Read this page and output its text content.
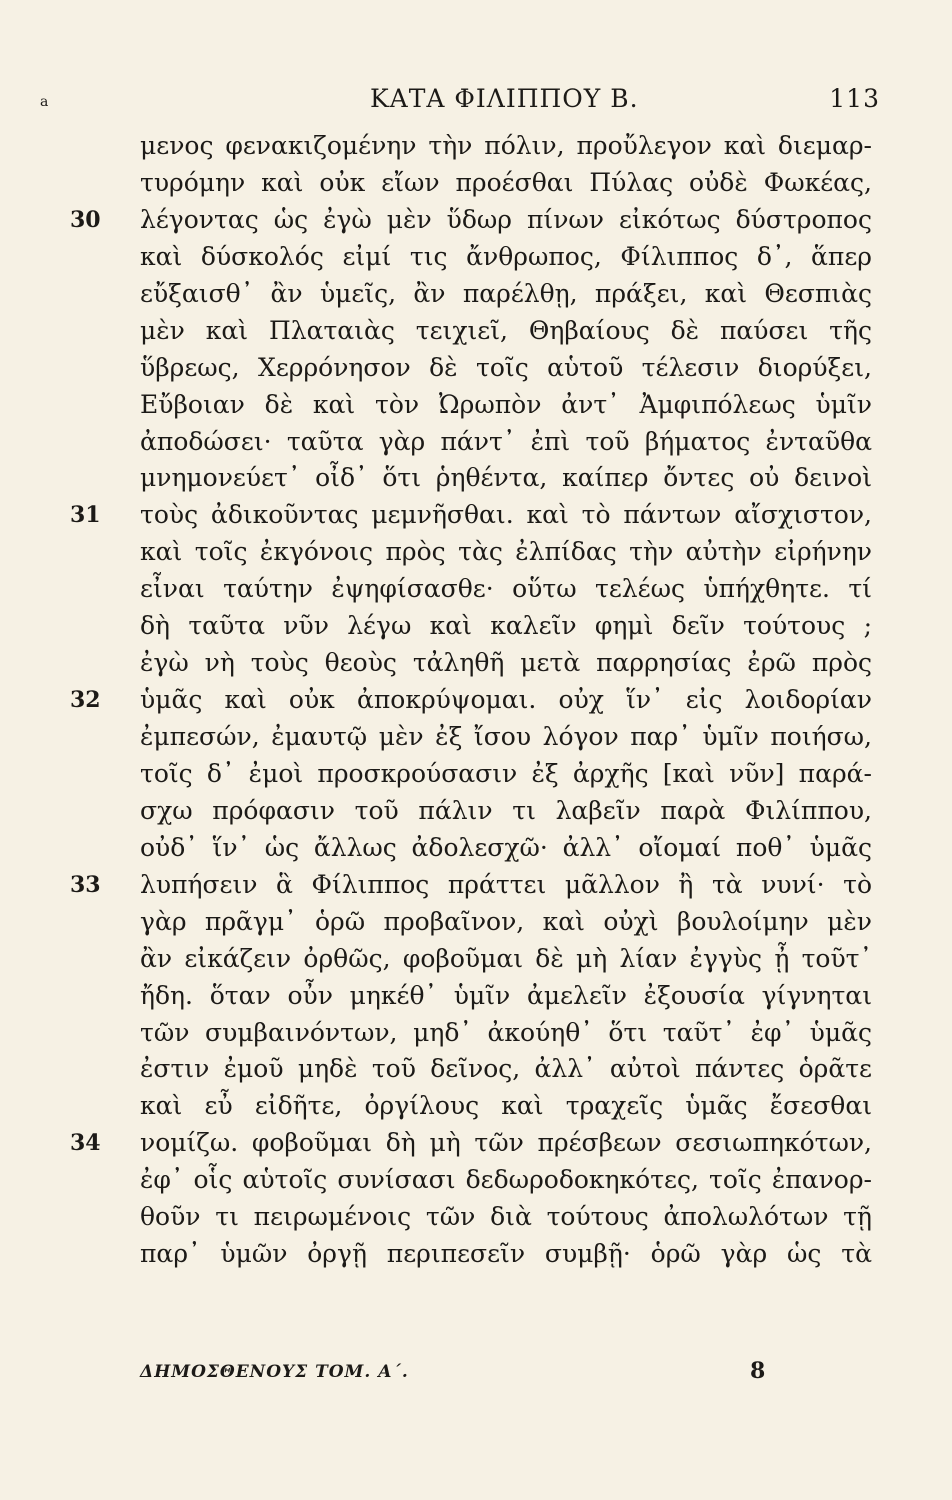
a	ΚΑΤΑ ΦΙΛΙΠΠΟΥ Β.	113
μενος φενακιζομένην τὴν πόλιν, προὔλεγον καὶ διεμαρ-
τυρόμην καὶ οὐκ εἴων προέσθαι Πύλας οὐδὲ Φωκέας,
30	λέγοντας ὡς ἐγὼ μὲν ὕδωρ πίνων εἰκότως δύστροπος
καὶ δύσκολός εἰμί τις ἄνθρωπος, Φίλιππος δ᾽, ἅπερ
εὔξαισθ᾽ ἂν ὑμεῖς, ἂν παρέλθῃ, πράξει, καὶ Θεσπιὰς
μὲν καὶ Πλαταιὰς τειχιεῖ, Θηβαίους δὲ παύσει τῆς
ὕβρεως, Χερρόνησον δὲ τοῖς αὑτοῦ τέλεσιν διορύξει,
Εὔβοιαν δὲ καὶ τὸν Ὠρωπὸν ἀντ᾽ Ἀμφιπόλεως ὑμῖν
ἀποδώσει· ταῦτα γὰρ πάντ᾽ ἐπὶ τοῦ βήματος ἐνταῦθα
μνημονεύετ᾽ οἶδ᾽ ὅτι ῥηθέντα, καίπερ ὄντες οὐ δεινοὶ
31	τοὺς ἀδικοῦντας μεμνῆσθαι. καὶ τὸ πάντων αἴσχιστον,
καὶ τοῖς ἐκγόνοις πρὸς τὰς ἐλπίδας τὴν αὐτὴν εἰρήνην
εἶναι ταύτην ἐψηφίσασθε· οὕτω τελέως ὑπήχθητε. τί
δὴ ταῦτα νῦν λέγω καὶ καλεῖν φημὶ δεῖν τούτους ;
ἐγὼ νὴ τοὺς θεοὺς τἀληθῆ μετὰ παρρησίας ἐρῶ πρὸς
32	ὑμᾶς καὶ οὐκ ἀποκρύψομαι. οὐχ ἵν᾽ εἰς λοιδορίαν
ἐμπεσών, ἐμαυτῷ μὲν ἐξ ἴσου λόγον παρ᾽ ὑμῖν ποιήσω,
τοῖς δ᾽ ἐμοὶ προσκρούσασιν ἐξ ἀρχῆς [καὶ νῦν] παρά-
σχω πρόφασιν τοῦ πάλιν τι λαβεῖν παρὰ Φιλίππου,
οὐδ᾽ ἵν᾽ ὡς ἄλλως ἀδολεσχῶ· ἀλλ᾽ οἴομαί ποθ᾽ ὑμᾶς
33	λυπήσειν ἃ Φίλιππος πράττει μᾶλλον ἢ τὰ νυνί· τὸ
γὰρ πρᾶγμ᾽ ὁρῶ προβαῖνον, καὶ οὐχὶ βουλοίμην μὲν
ἂν εἰκάζειν ὀρθῶς, φοβοῦμαι δὲ μὴ λίαν ἐγγὺς ᾖ τοῦτ᾽
ἤδη. ὅταν οὖν μηκέθ᾽ ὑμῖν ἀμελεῖν ἐξουσία γίγνηται
τῶν συμβαινόντων, μηδ᾽ ἀκούηθ᾽ ὅτι ταῦτ᾽ ἐφ᾽ ὑμᾶς
ἐστιν ἐμοῦ μηδὲ τοῦ δεῖνος, ἀλλ᾽ αὐτοὶ πάντες ὁρᾶτε
καὶ εὖ εἰδῆτε, ὀργίλους καὶ τραχεῖς ὑμᾶς ἔσεσθαι
34	νομίζω. φοβοῦμαι δὴ μὴ τῶν πρέσβεων σεσιωπηκότων,
ἐφ᾽ οἷς αὑτοῖς συνίσασι δεδωροδοκηκότες, τοῖς ἐπανορ-
θοῦν τι πειρωμένοις τῶν διὰ τούτους ἀπολωλότων τῇ
παρ᾽ ὑμῶν ὀργῇ περιπεσεῖν συμβῇ· ὁρῶ γὰρ ὡς τὰ
ΔΗΜΟΣΘΕΝΟΥΣ ΤΟΜ. Α΄.	8
